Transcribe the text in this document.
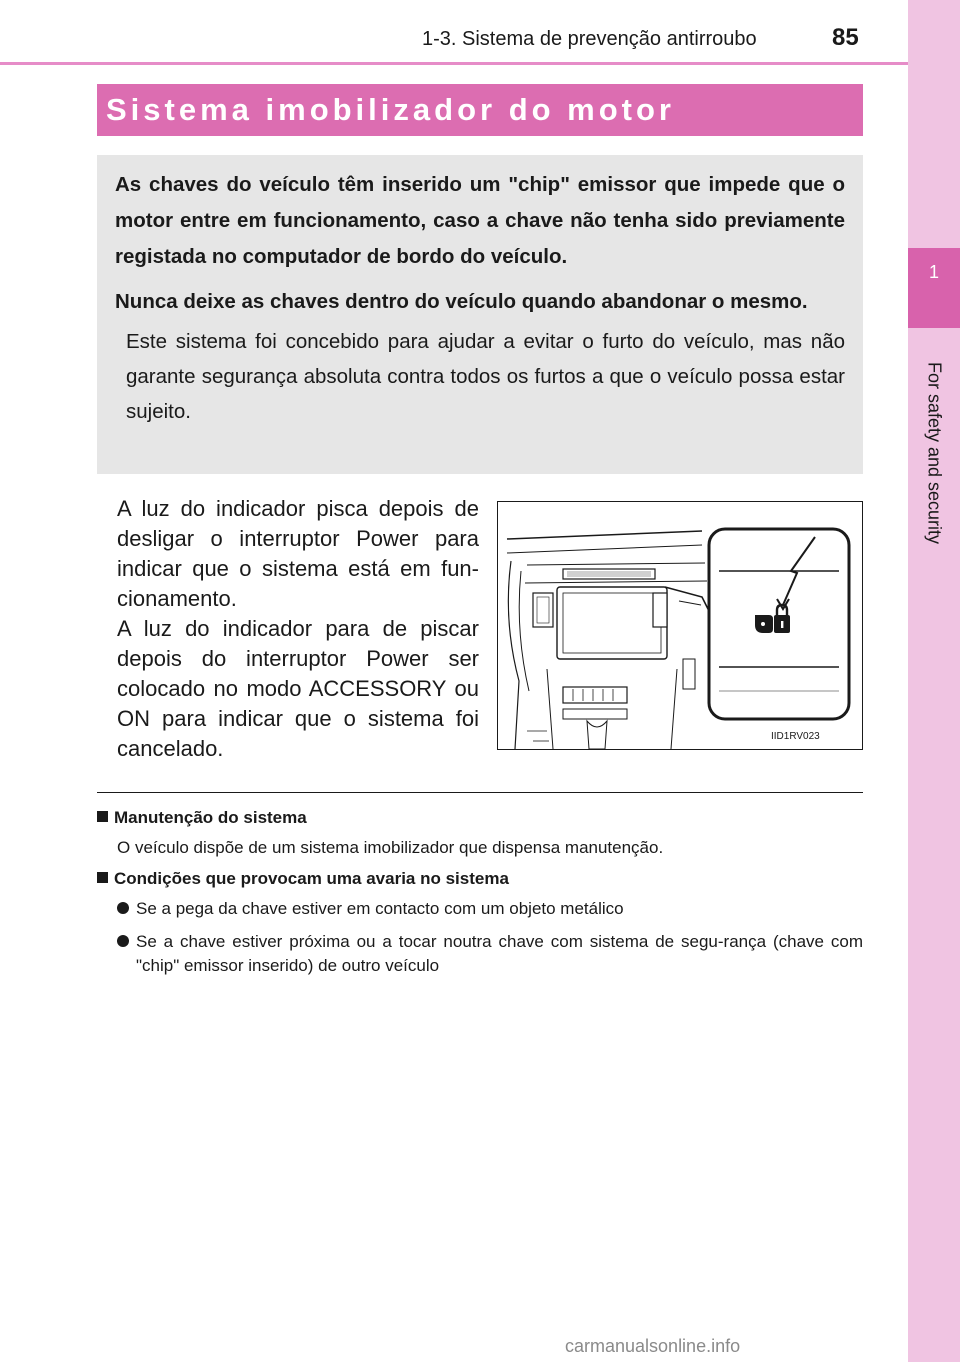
1-3. Sistema de prevenção antirroubo	85
1
For safety and security
Sistema imobilizador do motor

As chaves do veículo têm inserido um "chip" emissor que impede que o motor entre em funcionamento, caso a chave não tenha sido previamente registada no computador de bordo do veículo.

Nunca deixe as chaves dentro do veículo quando abandonar o mesmo.

Este sistema foi concebido para ajudar a evitar o furto do veículo, mas não garante segurança absoluta contra todos os furtos a que o veículo possa estar sujeito.

A luz do indicador pisca depois de desligar o interruptor Power para indicar que o sistema está em fun-cionamento.

A luz do indicador para de piscar depois do interruptor Power ser colocado no modo ACCESSORY ou ON para indicar que o sistema foi cancelado.	IID1RV023
Manutenção do sistema
O veículo dispõe de um sistema imobilizador que dispensa manutenção.
Condições que provocam uma avaria no sistema
Se a pega da chave estiver em contacto com um objeto metálico
Se a chave estiver próxima ou a tocar noutra chave com sistema de segu-rança (chave com "chip" emissor inserido) de outro veículo
carmanualsonline.info
